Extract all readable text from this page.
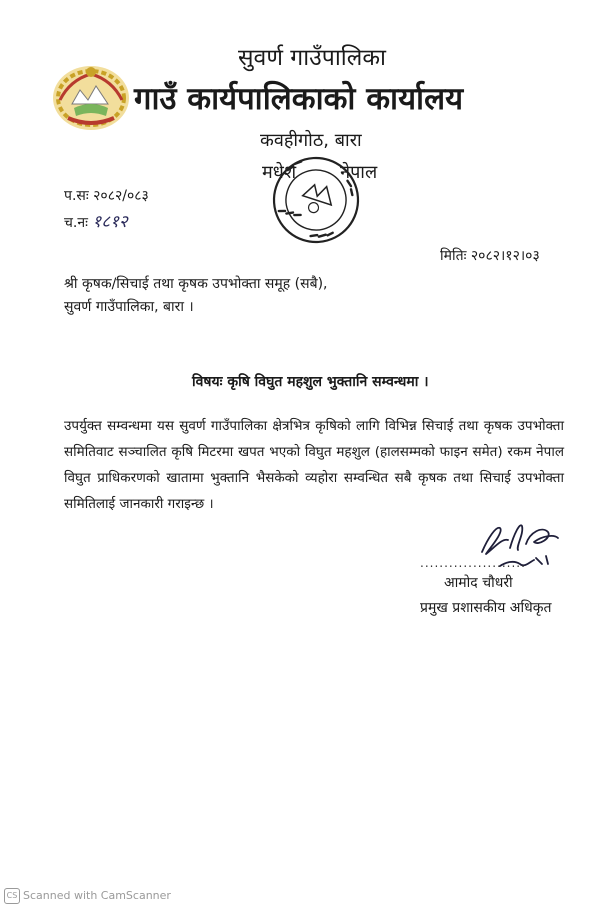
सुवर्ण गाउँपालिका
गाउँ कार्यपालिकाको कार्यालय
कवहीगोठ, बारा
मधेश नेपाल
प.सः २०८२/०८३
च.नः १८१२
मितिः २०८२।१२।०३
श्री कृषक/सिचाई तथा कृषक उपभोक्ता समूह (सबै),
सुवर्ण गाउँपालिका, बारा ।
विषयः कृषि विघुत महशुल भुक्तानि सम्वन्धमा ।
उपर्युक्त सम्वन्धमा यस सुवर्ण गाउँपालिका क्षेत्रभित्र कृषिको लागि विभिन्न सिचाई तथा कृषक उपभोक्ता समितिवाट सञ्चालित कृषि मिटरमा खपत भएको विघुत महशुल (हालसम्मको फाइन समेत) रकम नेपाल विघुत प्राधिकरणको खातामा भुक्तानि भैसकेको व्यहोरा सम्वन्धित सबै कृषक तथा सिचाई उपभोक्ता समितिलाई जानकारी गराइन्छ ।
......................
आमोद चौधरी
प्रमुख प्रशासकीय अधिकृत
CS Scanned with CamScanner
